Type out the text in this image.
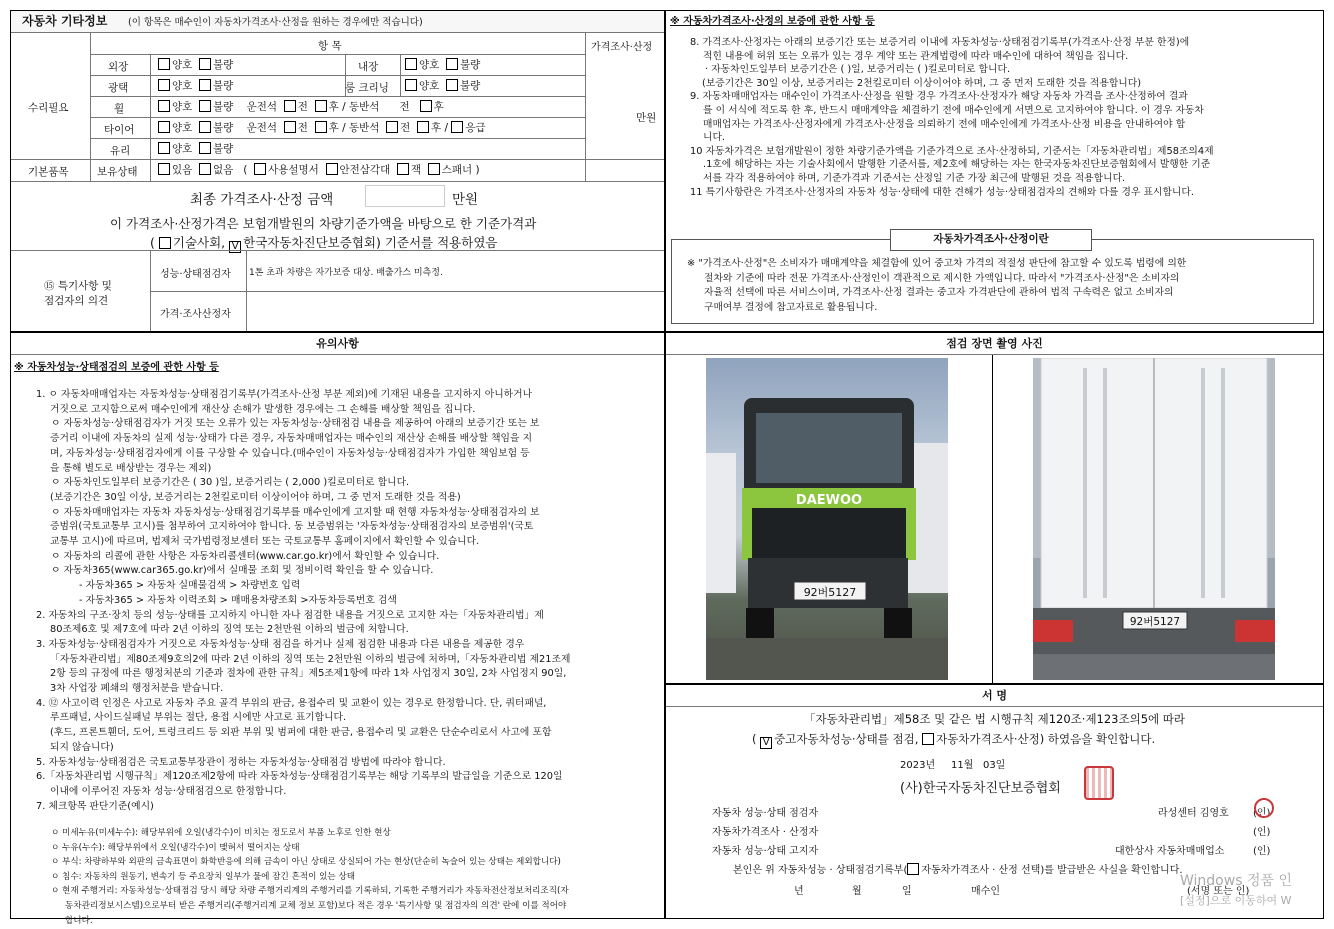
자동차 기타정보 (이 항목은 매수인이 자동차가격조사·산정을 원하는 경우에만 적습니다)
항 목	가격조사·산정
만원
수리필요
기본품목
외장	양호 불량	내장	양호 불량
광택	양호 불량	룸 크리닝	양호 불량
휠	양호 불량 운전석 전 후 / 동반석 전 후
타이어	양호 불량 운전석 전 후 / 동반석 전 후 / 응급
유리	양호 불량
보유상태	있음 없음 ( 사용설명서 안전삼각대 잭 스패너 )
최종 가격조사·산정 금액	만원
이 가격조사·산정가격은 보험개발원의 차량기준가액을 바탕으로 한 기준가격과
( 기술사회, V 한국자동차진단보증협회) 기준서를 적용하였음
⑮ 특기사항 및
점검자의 의견
성능·상태점검자 1톤 초과 차량은 자가보증 대상. 배출가스 미측정.
가격·조사산정자
※ 자동차가격조사·산정의 보증에 관한 사항 등
8. 가격조사·산정자는 아래의 보증기간 또는 보증거리 이내에 자동차성능·상태점검기록부(가격조사·산정 부분 한정)에
적힌 내용에 허위 또는 오류가 있는 경우 계약 또는 관계법령에 따라 매수인에 대하여 책임을 집니다.
· 자동차인도일부터 보증기간은 ( )일, 보증거리는 ( )킬로미터로 합니다.
(보증기간은 30일 이상, 보증거리는 2천킬로미터 이상이어야 하며, 그 중 먼저 도래한 것을 적용합니다)
9. 자동차매매업자는 매수인이 가격조사·산정을 원할 경우 가격조사·산정자가 해당 자동차 가격을 조사·산정하여 결과
를 이 서식에 적도록 한 후, 반드시 매매계약을 체결하기 전에 매수인에게 서면으로 고지하여야 합니다. 이 경우 자동차
매매업자는 가격조사·산정자에게 가격조사·산정을 의뢰하기 전에 매수인에게 가격조사·산정 비용을 안내하여야 합
니다.
10 자동차가격은 보험개발원이 정한 차량기준가액을 기준가격으로 조사·산정하되, 기준서는「자동차관리법」제58조의4제
.1호에 해당하는 자는 기술사회에서 발행한 기준서를, 제2호에 해당하는 자는 한국자동차진단보증협회에서 발행한 기준
서를 각각 적용하여야 하며, 기준가격과 기준서는 산정일 기준 가장 최근에 발행된 것을 적용합니다.
11 특기사항란은 가격조사·산정자의 자동차 성능·상태에 대한 견해가 성능·상태점검자의 견해와 다를 경우 표시합니다.
자동차가격조사·산정이란
※ "가격조사·산정"은 소비자가 매매계약을 체결함에 있어 중고차 가격의 적절성 판단에 참고할 수 있도록 법령에 의한
절차와 기준에 따라 전문 가격조사·산정인이 객관적으로 제시한 가액입니다. 따라서 "가격조사·산정"은 소비자의
자율적 선택에 따른 서비스이며, 가격조사·산정 결과는 중고자 가격판단에 관하여 법적 구속력은 없고 소비자의
구매여부 결정에 참고자료로 활용됩니다.
유의사항
※ 자동차성능·상태점검의 보증에 관한 사항 등
1. ㅇ 자동차매매업자는 자동차성능·상태점검기록부(가격조사·산정 부분 제외)에 기재된 내용을 고지하지 아니하거나
거짓으로 고지함으로써 매수인에게 재산상 손해가 발생한 경우에는 그 손해를 배상할 책임을 집니다.
ㅇ 자동차성능·상태점검자가 거짓 또는 오류가 있는 자동차성능·상태점검 내용을 제공하여 아래의 보증기간 또는 보
증거리 이내에 자동차의 실제 성능·상태가 다른 경우, 자동차매매업자는 매수인의 재산상 손해를 배상할 책임을 지
며, 자동차성능·상태점검자에게 이를 구상할 수 있습니다.(매수인이 자동차성능·상태점검자가 가입한 책임보험 등
을 통해 별도로 배상받는 경우는 제외)
ㅇ 자동차인도일부터 보증기간은 ( 30 )일, 보증거리는 ( 2,000 )킬로미터로 합니다.
(보증기간은 30일 이상, 보증거리는 2천킬로미터 이상이어야 하며, 그 중 먼저 도래한 것을 적용)
ㅇ 자동차매매업자는 자동차 자동차성능·상태점검기록부를 매수인에게 고지할 때 현행 자동차성능·상태점검자의 보
증범위(국토교통부 고시)를 첨부하여 고지하여야 합니다. 동 보증범위는 '자동차성능·상태점검자의 보증범위'(국토
교통부 고시)에 따르며, 법제처 국가법령정보센터 또는 국토교통부 홈페이지에서 확인할 수 있습니다.
ㅇ 자동차의 리콜에 관한 사항은 자동차리콜센터(www.car.go.kr)에서 확인할 수 있습니다.
ㅇ 자동차365(www.car365.go.kr)에서 실매물 조회 및 정비이력 확인을 할 수 있습니다.
- 자동차365 > 자동차 실매물검색 > 차량번호 입력
- 자동차365 > 자동차 이력조회 > 매매용차량조회 >자동차등록번호 검색
2. 자동차의 구조·장치 등의 성능·상태를 고지하지 아니한 자나 점검한 내용을 거짓으로 고지한 자는「자동차관리법」제
80조제6호 및 제7호에 따라 2년 이하의 징역 또는 2천만원 이하의 벌금에 처합니다.
3. 자동차성능·상태점검자가 거짓으로 자동차성능·상태 점검을 하거나 실제 점검한 내용과 다른 내용을 제공한 경우
「자동차관리법」제80조제9호의2에 따라 2년 이하의 징역 또는 2천만원 이하의 벌금에 처하며,「자동차관리법 제21조제
2항 등의 규정에 따른 행정처분의 기준과 절차에 관한 규칙」제5조제1항에 따라 1차 사업정지 30일, 2차 사업정지 90일,
3차 사업장 폐쇄의 행정처분을 받습니다.
4. ⑫ 사고이력 인정은 사고로 자동차 주요 골격 부위의 판금, 용접수리 및 교환이 있는 경우로 한정합니다. 단, 쿼터패널,
루프패널, 사이드실패널 부위는 절단, 용접 시에만 사고로 표기합니다.
(후드, 프론트휀더, 도어, 트렁크리드 등 외판 부위 및 범퍼에 대한 판금, 용접수리 및 교환은 단순수리로서 사고에 포함
되지 않습니다)
5. 자동차성능·상태점검은 국토교통부장관이 정하는 자동차성능·상태점검 방법에 따라야 합니다.
6.「자동차관리법 시행규칙」제120조제2항에 따라 자동차성능·상태점검기록부는 해당 기록부의 발급일을 기준으로 120일
이내에 이루어진 자동차 성능·상태점검으로 한정합니다.
7. 체크항목 판단기준(예시)
ㅇ 미세누유(미세누수): 해당부위에 오일(냉각수)이 비치는 정도로서 부품 노후로 인한 현상
ㅇ 누유(누수): 해당부위에서 오일(냉각수)이 맺혀서 떨어지는 상태
ㅇ 부식: 차량하부와 외판의 금속표면이 화학반응에 의해 금속이 아닌 상태로 상실되어 가는 현상(단순히 녹슬어 있는 상태는 제외합니다)
ㅇ 침수: 자동차의 원동기, 변속기 등 주요장치 일부가 물에 잠긴 흔적이 있는 상태
ㅇ 현재 주행거리: 자동차성능·상태점검 당시 해당 차량 주행거리계의 주행거리를 기록하되, 기록한 주행거리가 자동차전산정보처리조직(자
동차관리정보시스템)으로부터 받은 주행거리(주행거리계 교체 정보 포함)보다 적은 경우 '특기사항 및 점검자의 의견' 란에 이를 적어야
합니다.
점검 장면 촬영 사진
DAEWOO
92버5127
92버5127
서 명
「자동차관리법」제58조 및 같은 법 시행규칙 제120조·제123조의5에 따라
( V 중고자동차성능·상태를 점검, 자동차가격조사·산정) 하였음을 확인합니다.
2023년 11월 03일
(사)한국자동차진단보증협회
자동차 성능·상태 점검자	라성센터 김영호 (인)
자동차가격조사 · 산정자	(인)
자동차 성능·상태 고지자	대한상사 자동차매매업소	(인)
본인은 위 자동차성능 · 상태점검기록부( 자동차가격조사 · 산정 선택)를 발급받은 사실을 확인합니다.
년	월	일	매수인	(서명 또는 인)
Windows 정품 인
[설정]으로 이동하여 W
